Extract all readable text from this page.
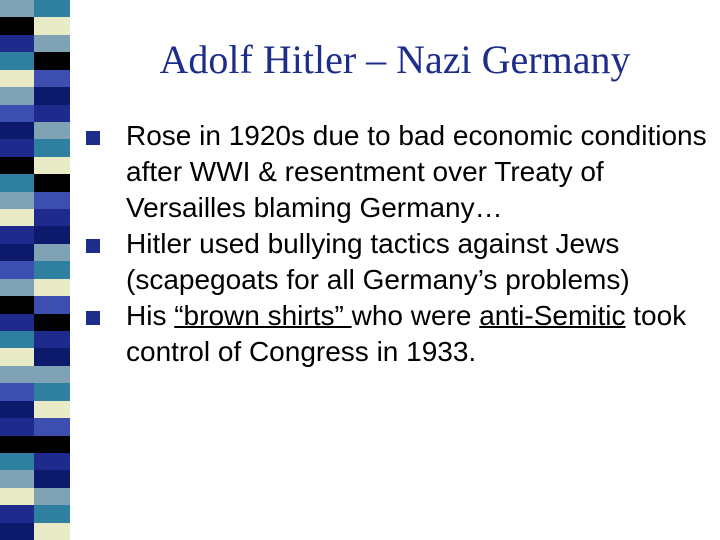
Adolf Hitler – Nazi Germany
Rose in 1920s due to bad economic conditions after WWI & resentment over Treaty of Versailles blaming Germany…
Hitler used bullying tactics against Jews (scapegoats for all Germany’s problems)
His “brown shirts” who were anti-Semitic took control of Congress in 1933.
